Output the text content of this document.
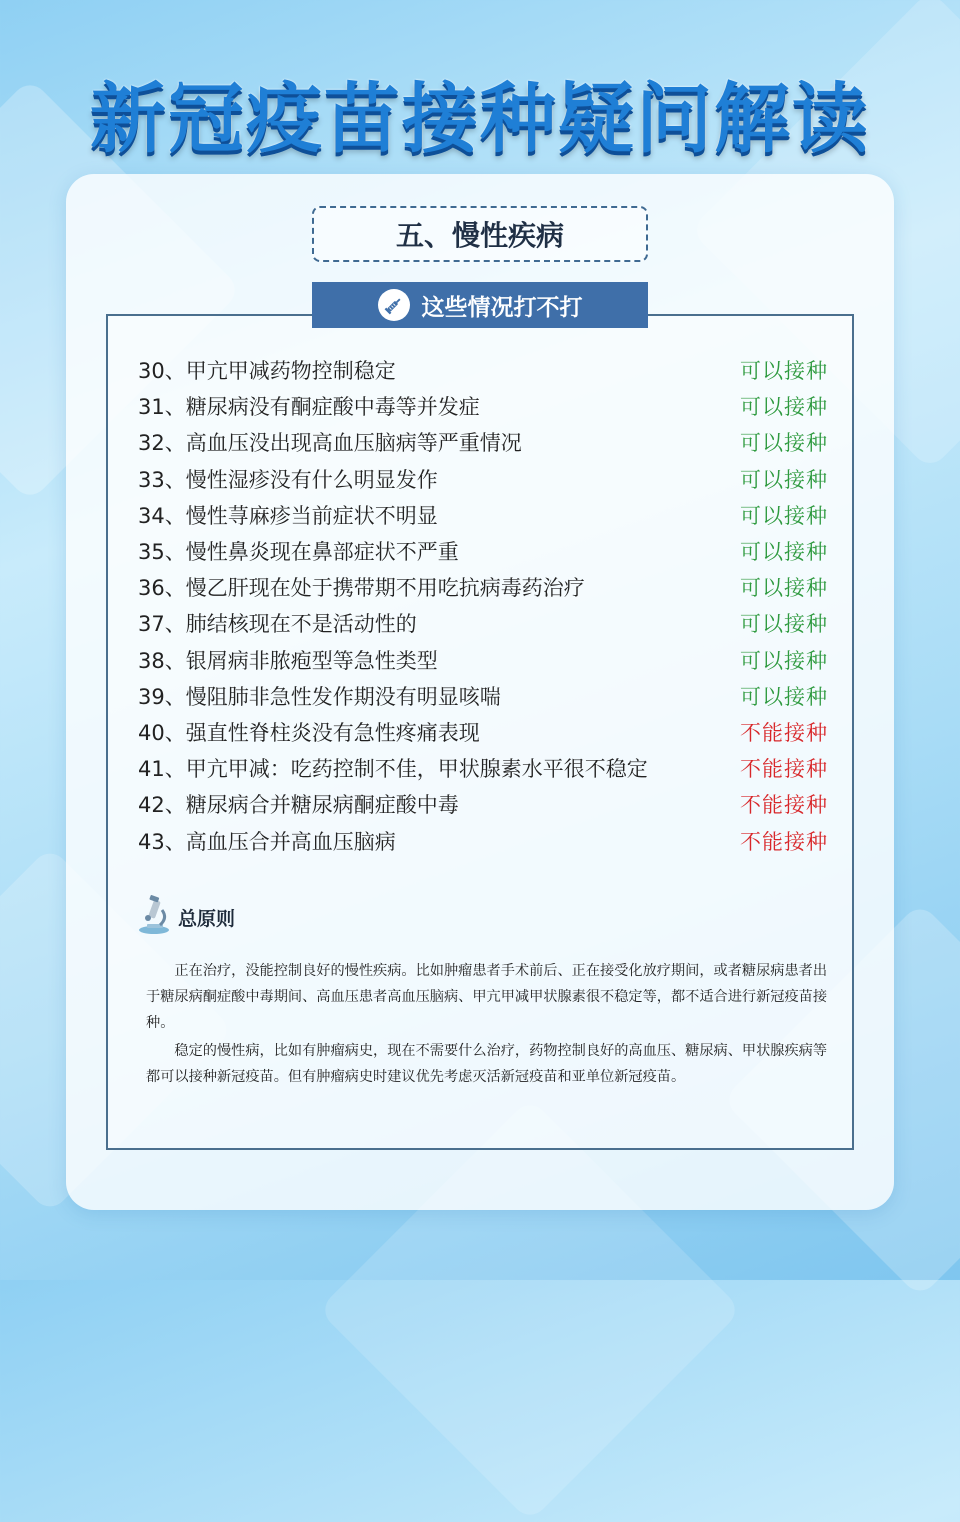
新冠疫苗接种疑问解读
五、慢性疾病
这些情况打不打
30、甲亢甲减药物控制稳定	可以接种
31、糖尿病没有酮症酸中毒等并发症	可以接种
32、高血压没出现高血压脑病等严重情况	可以接种
33、慢性湿疹没有什么明显发作	可以接种
34、慢性荨麻疹当前症状不明显	可以接种
35、慢性鼻炎现在鼻部症状不严重	可以接种
36、慢乙肝现在处于携带期不用吃抗病毒药治疗	可以接种
37、肺结核现在不是活动性的	可以接种
38、银屑病非脓疱型等急性类型	可以接种
39、慢阻肺非急性发作期没有明显咳喘	可以接种
40、强直性脊柱炎没有急性疼痛表现	不能接种
41、甲亢甲减：吃药控制不佳，甲状腺素水平很不稳定	不能接种
42、糖尿病合并糖尿病酮症酸中毒	不能接种
43、高血压合并高血压脑病	不能接种
总原则

正在治疗，没能控制良好的慢性疾病。比如肿瘤患者手术前后、正在接受化放疗期间，或者糖尿病患者出于糖尿病酮症酸中毒期间、高血压患者高血压脑病、甲亢甲减甲状腺素很不稳定等，都不适合进行新冠疫苗接种。

稳定的慢性病，比如有肿瘤病史，现在不需要什么治疗，药物控制良好的高血压、糖尿病、甲状腺疾病等都可以接种新冠疫苗。但有肿瘤病史时建议优先考虑灭活新冠疫苗和亚单位新冠疫苗。
